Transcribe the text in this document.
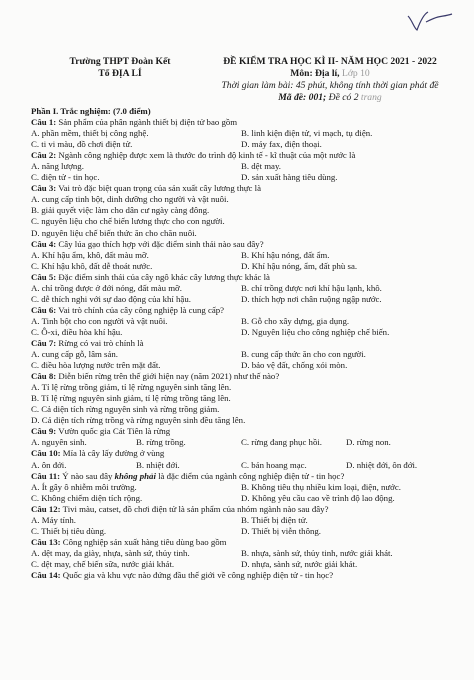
Trường THPT Đoàn Kết
Tổ ĐỊA LÍ
ĐỀ KIỂM TRA HỌC KÌ II- NĂM HỌC 2021 - 2022
Môn: Địa lí, Lớp 10
Thời gian làm bài: 45 phút, không tính thời gian phát đề
Mã đề: 001; Đề có 2 trang
Phần I. Trắc nghiệm: (7.0 điểm)
Câu 1: Sản phẩm của phân ngành thiết bị điện tử bao gồm
A. phần mềm, thiết bị công nghệ.	B. linh kiện điện tử, vi mạch, tụ điện.
C. ti vi màu, đồ chơi điện tử.	D. máy fax, điện thoại.
Câu 2: Ngành công nghiệp được xem là thước đo trình độ kinh tế - kĩ thuật của một nước là
A. năng lượng.	B. dệt may.
C. điện tử - tin học.	D. sản xuất hàng tiêu dùng.
Câu 3: Vai trò đặc biệt quan trọng của sản xuất cây lương thực là
A. cung cấp tinh bột, dinh dưỡng cho người và vật nuôi.
B. giải quyết việc làm cho dân cư ngày càng đông.
C. nguyên liệu cho chế biến lương thực cho con người.
D. nguyên liệu chế biến thức ăn cho chăn nuôi.
Câu 4: Cây lúa gạo thích hợp với đặc điểm sinh thái nào sau đây?
A. Khí hậu ẩm, khô, đất màu mỡ.	B. Khí hậu nóng, đất ẩm.
C. Khí hậu khô, đất dễ thoát nước.	D. Khí hậu nóng, ẩm, đất phù sa.
Câu 5: Đặc điểm sinh thái của cây ngô khác cây lương thực khác là
A. chỉ trồng được ở đới nóng, đất màu mỡ.	B. chỉ trồng được nơi khí hậu lạnh, khô.
C. dễ thích nghi với sự dao động của khí hậu.	D. thích hợp nơi chân ruộng ngập nước.
Câu 6: Vai trò chính của cây công nghiệp là cung cấp?
A. Tinh bột cho con người và vật nuôi.	B. Gỗ cho xây dựng, gia dụng.
C. Ô-xi, điều hòa khí hậu.	D. Nguyên liệu cho công nghiệp chế biến.
Câu 7: Rừng có vai trò chính là
A. cung cấp gỗ, lâm sản.	B. cung cấp thức ăn cho con người.
C. điều hòa lượng nước trên mặt đất.	D. bảo vệ đất, chống xói mòn.
Câu 8: Diễn biến rừng trên thế giới hiện nay (năm 2021) như thế nào?
A. Tỉ lệ rừng trồng giảm, tỉ lệ rừng nguyên sinh tăng lên.
B. Tỉ lệ rừng nguyên sinh giảm, tỉ lệ rừng trồng tăng lên.
C. Cả diện tích rừng nguyên sinh và rừng trồng giảm.
D. Cả diện tích rừng trồng và rừng nguyên sinh đều tăng lên.
Câu 9: Vườn quốc gia Cát Tiên là rừng
A. nguyên sinh.	B. rừng trồng.	C. rừng đang phục hồi.	D. rừng non.
Câu 10: Mía là cây lấy đường ở vùng
A. ôn đới.	B. nhiệt đới.	C. bán hoang mạc.	D. nhiệt đới, ôn đới.
Câu 11: Ý nào sau đây không phải là đặc điểm của ngành công nghiệp điện tử - tin học?
A. Ít gây ô nhiễm môi trường.	B. Không tiêu thụ nhiều kim loại, điện, nước.
C. Không chiếm diện tích rộng.	D. Không yêu cầu cao về trình độ lao động.
Câu 12: Tivi màu, catset, đồ chơi điện tử là sản phẩm của nhóm ngành nào sau đây?
A. Máy tính.	B. Thiết bị điện tử.
C. Thiết bị tiêu dùng.	D. Thiết bị viễn thông.
Câu 13: Công nghiệp sản xuất hàng tiêu dùng bao gồm
A. dệt may, da giày, nhựa, sành sứ, thủy tinh.	B. nhựa, sành sứ, thủy tinh, nước giải khát.
C. dệt may, chế biến sữa, nước giải khát.	D. nhựa, sành sứ, nước giải khát.
Câu 14: Quốc gia và khu vực nào đứng đầu thế giới về công nghiệp điện tử - tin học?
